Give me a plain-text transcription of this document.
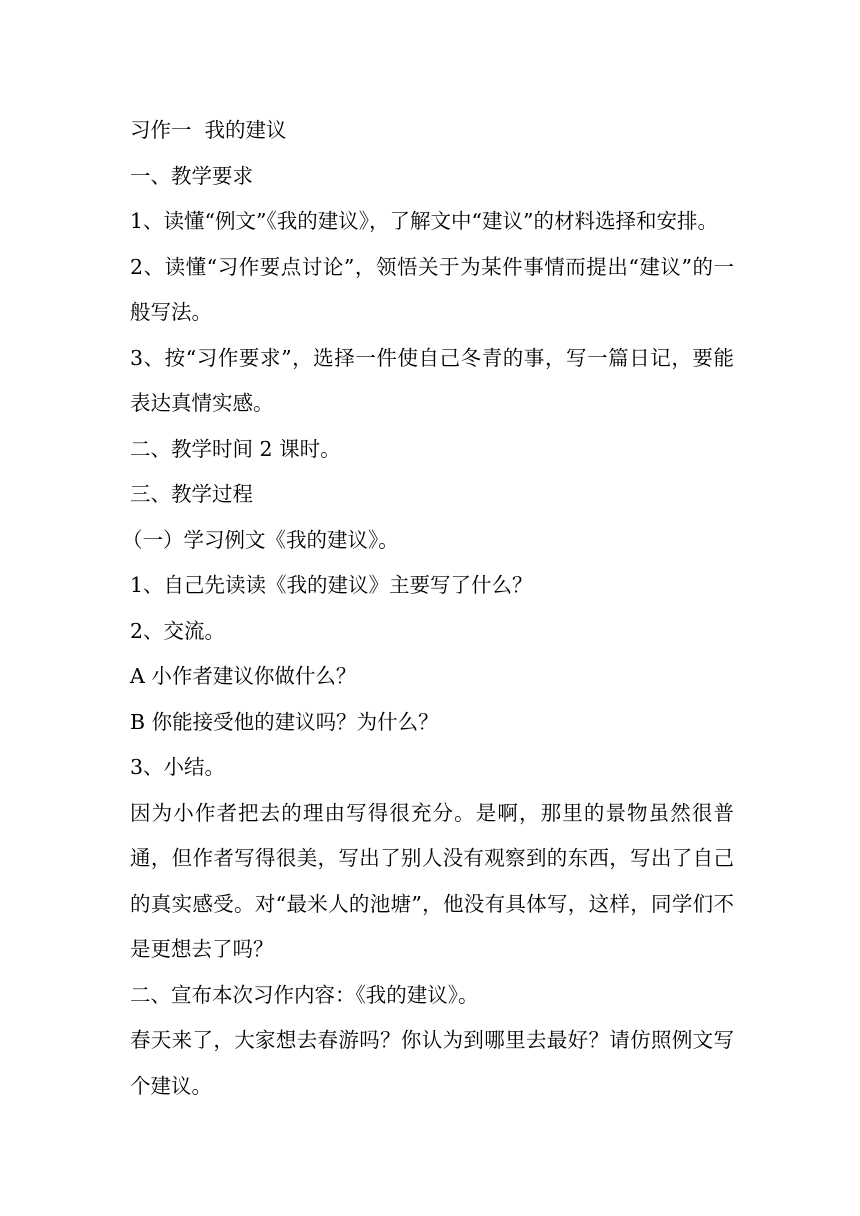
习作一  我的建议

一、教学要求

1、读懂“例文”《我的建议》，了解文中“建议”的材料选择和安排。

2、读懂“习作要点讨论”，领悟关于为某件事情而提出“建议”的一般写法。

3、按“习作要求”，选择一件使自己冬青的事，写一篇日记，要能表达真情实感。

二、教学时间 2 课时。

三、教学过程

（一）学习例文《我的建议》。

1、自己先读读《我的建议》主要写了什么？

2、交流。

A 小作者建议你做什么？

B 你能接受他的建议吗？为什么？

3、小结。

因为小作者把去的理由写得很充分。是啊，那里的景物虽然很普通，但作者写得很美，写出了别人没有观察到的东西，写出了自己的真实感受。对“最米人的池塘”，他没有具体写，这样，同学们不是更想去了吗？

二、宣布本次习作内容：《我的建议》。

春天来了，大家想去春游吗？你认为到哪里去最好？请仿照例文写个建议。
